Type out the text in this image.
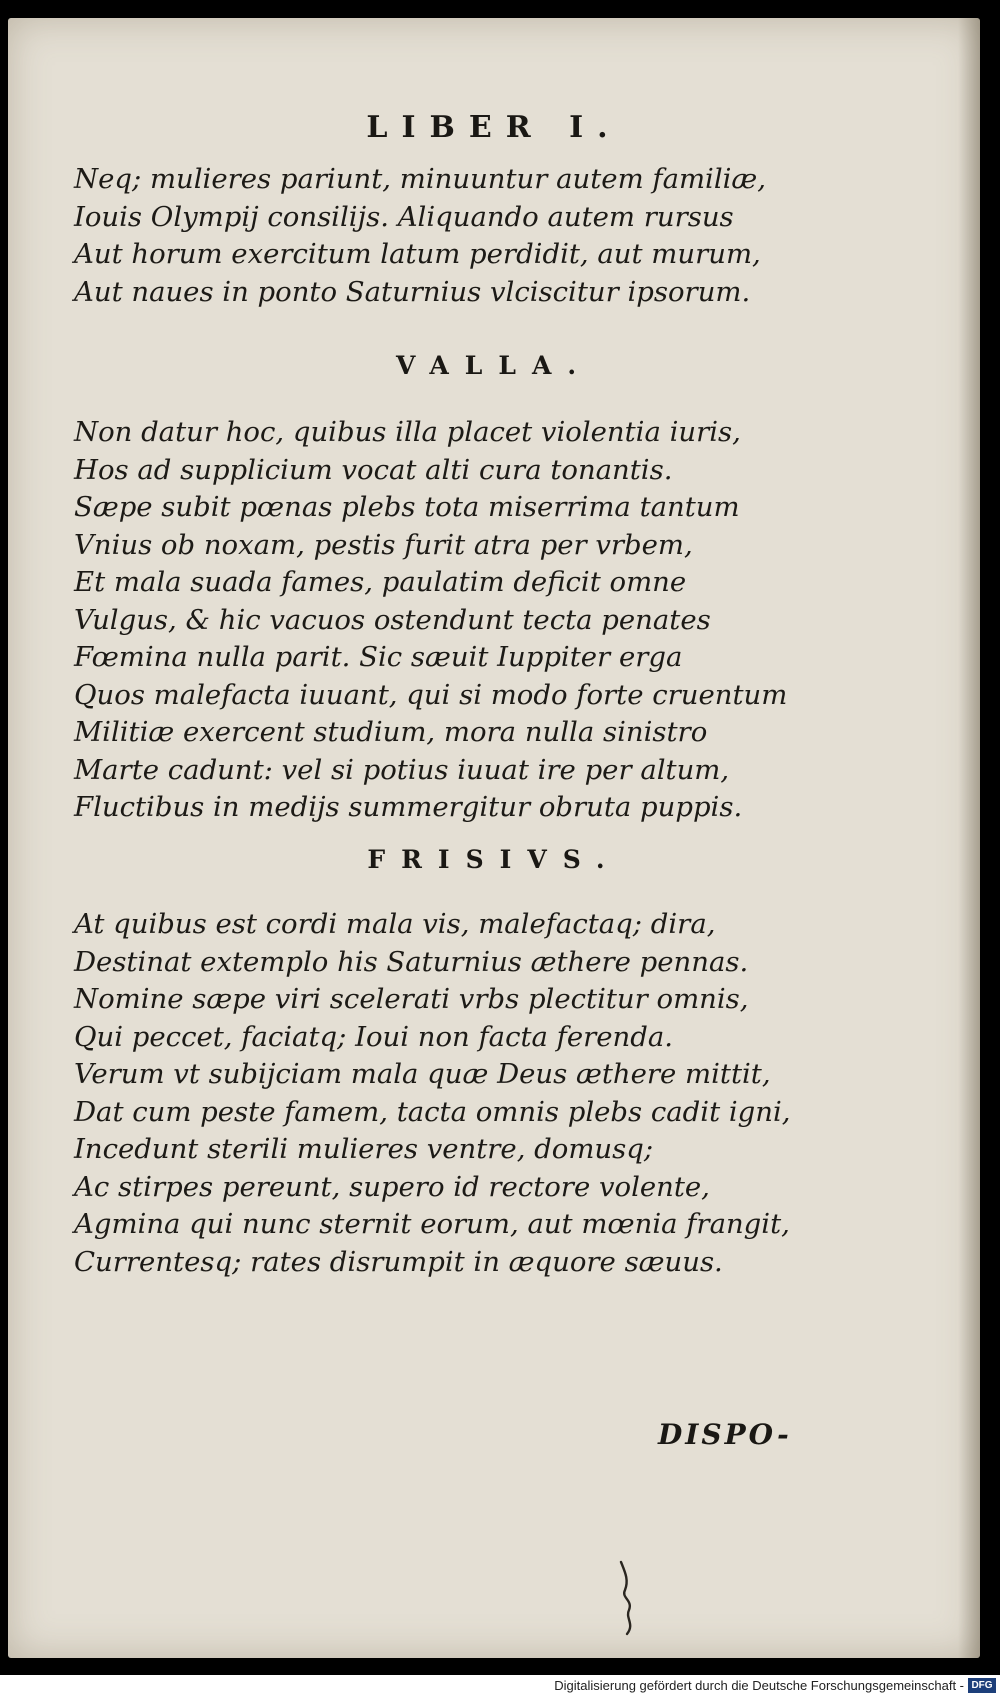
LIBER I.
Neq; mulieres pariunt, minuuntur autem familiæ,
Iouis Olympij consilijs. Aliquando autem rursus
Aut horum exercitum latum perdidit, aut murum,
Aut naues in ponto Saturnius vlciscitur ipsorum.
VALLA.
Non datur hoc, quibus illa placet violentia iuris,
Hos ad supplicium vocat alti cura tonantis.
Sæpe subit pœnas plebs tota miserrima tantum
Vnius ob noxam, pestis furit atra per vrbem,
Et mala suada fames, paulatim deficit omne
Vulgus, & hic vacuos ostendunt tecta penates
Fœmina nulla parit. Sic sæuit Iuppiter erga
Quos malefacta iuuant, qui si modo forte cruentum
Militiæ exercent studium, mora nulla sinistro
Marte cadunt: vel si potius iuuat ire per altum,
Fluctibus in medijs summergitur obruta puppis.
FRISIVS.
At quibus est cordi mala vis, malefactaq; dira,
Destinat extemplo his Saturnius æthere pennas.
Nomine sæpe viri scelerati vrbs plectitur omnis,
Qui peccet, faciatq; Ioui non facta ferenda.
Verum vt subijciam mala quæ Deus æthere mittit,
Dat cum peste famem, tacta omnis plebs cadit igni,
Incedunt sterili mulieres ventre, domusq;
Ac stirpes pereunt, supero id rectore volente,
Agmina qui nunc sternit eorum, aut mœnia frangit,
Currentesq; rates disrumpit in æquore sæuus.
DISPO-
Digitalisierung gefördert durch die Deutsche Forschungsgemeinschaft - DFG
